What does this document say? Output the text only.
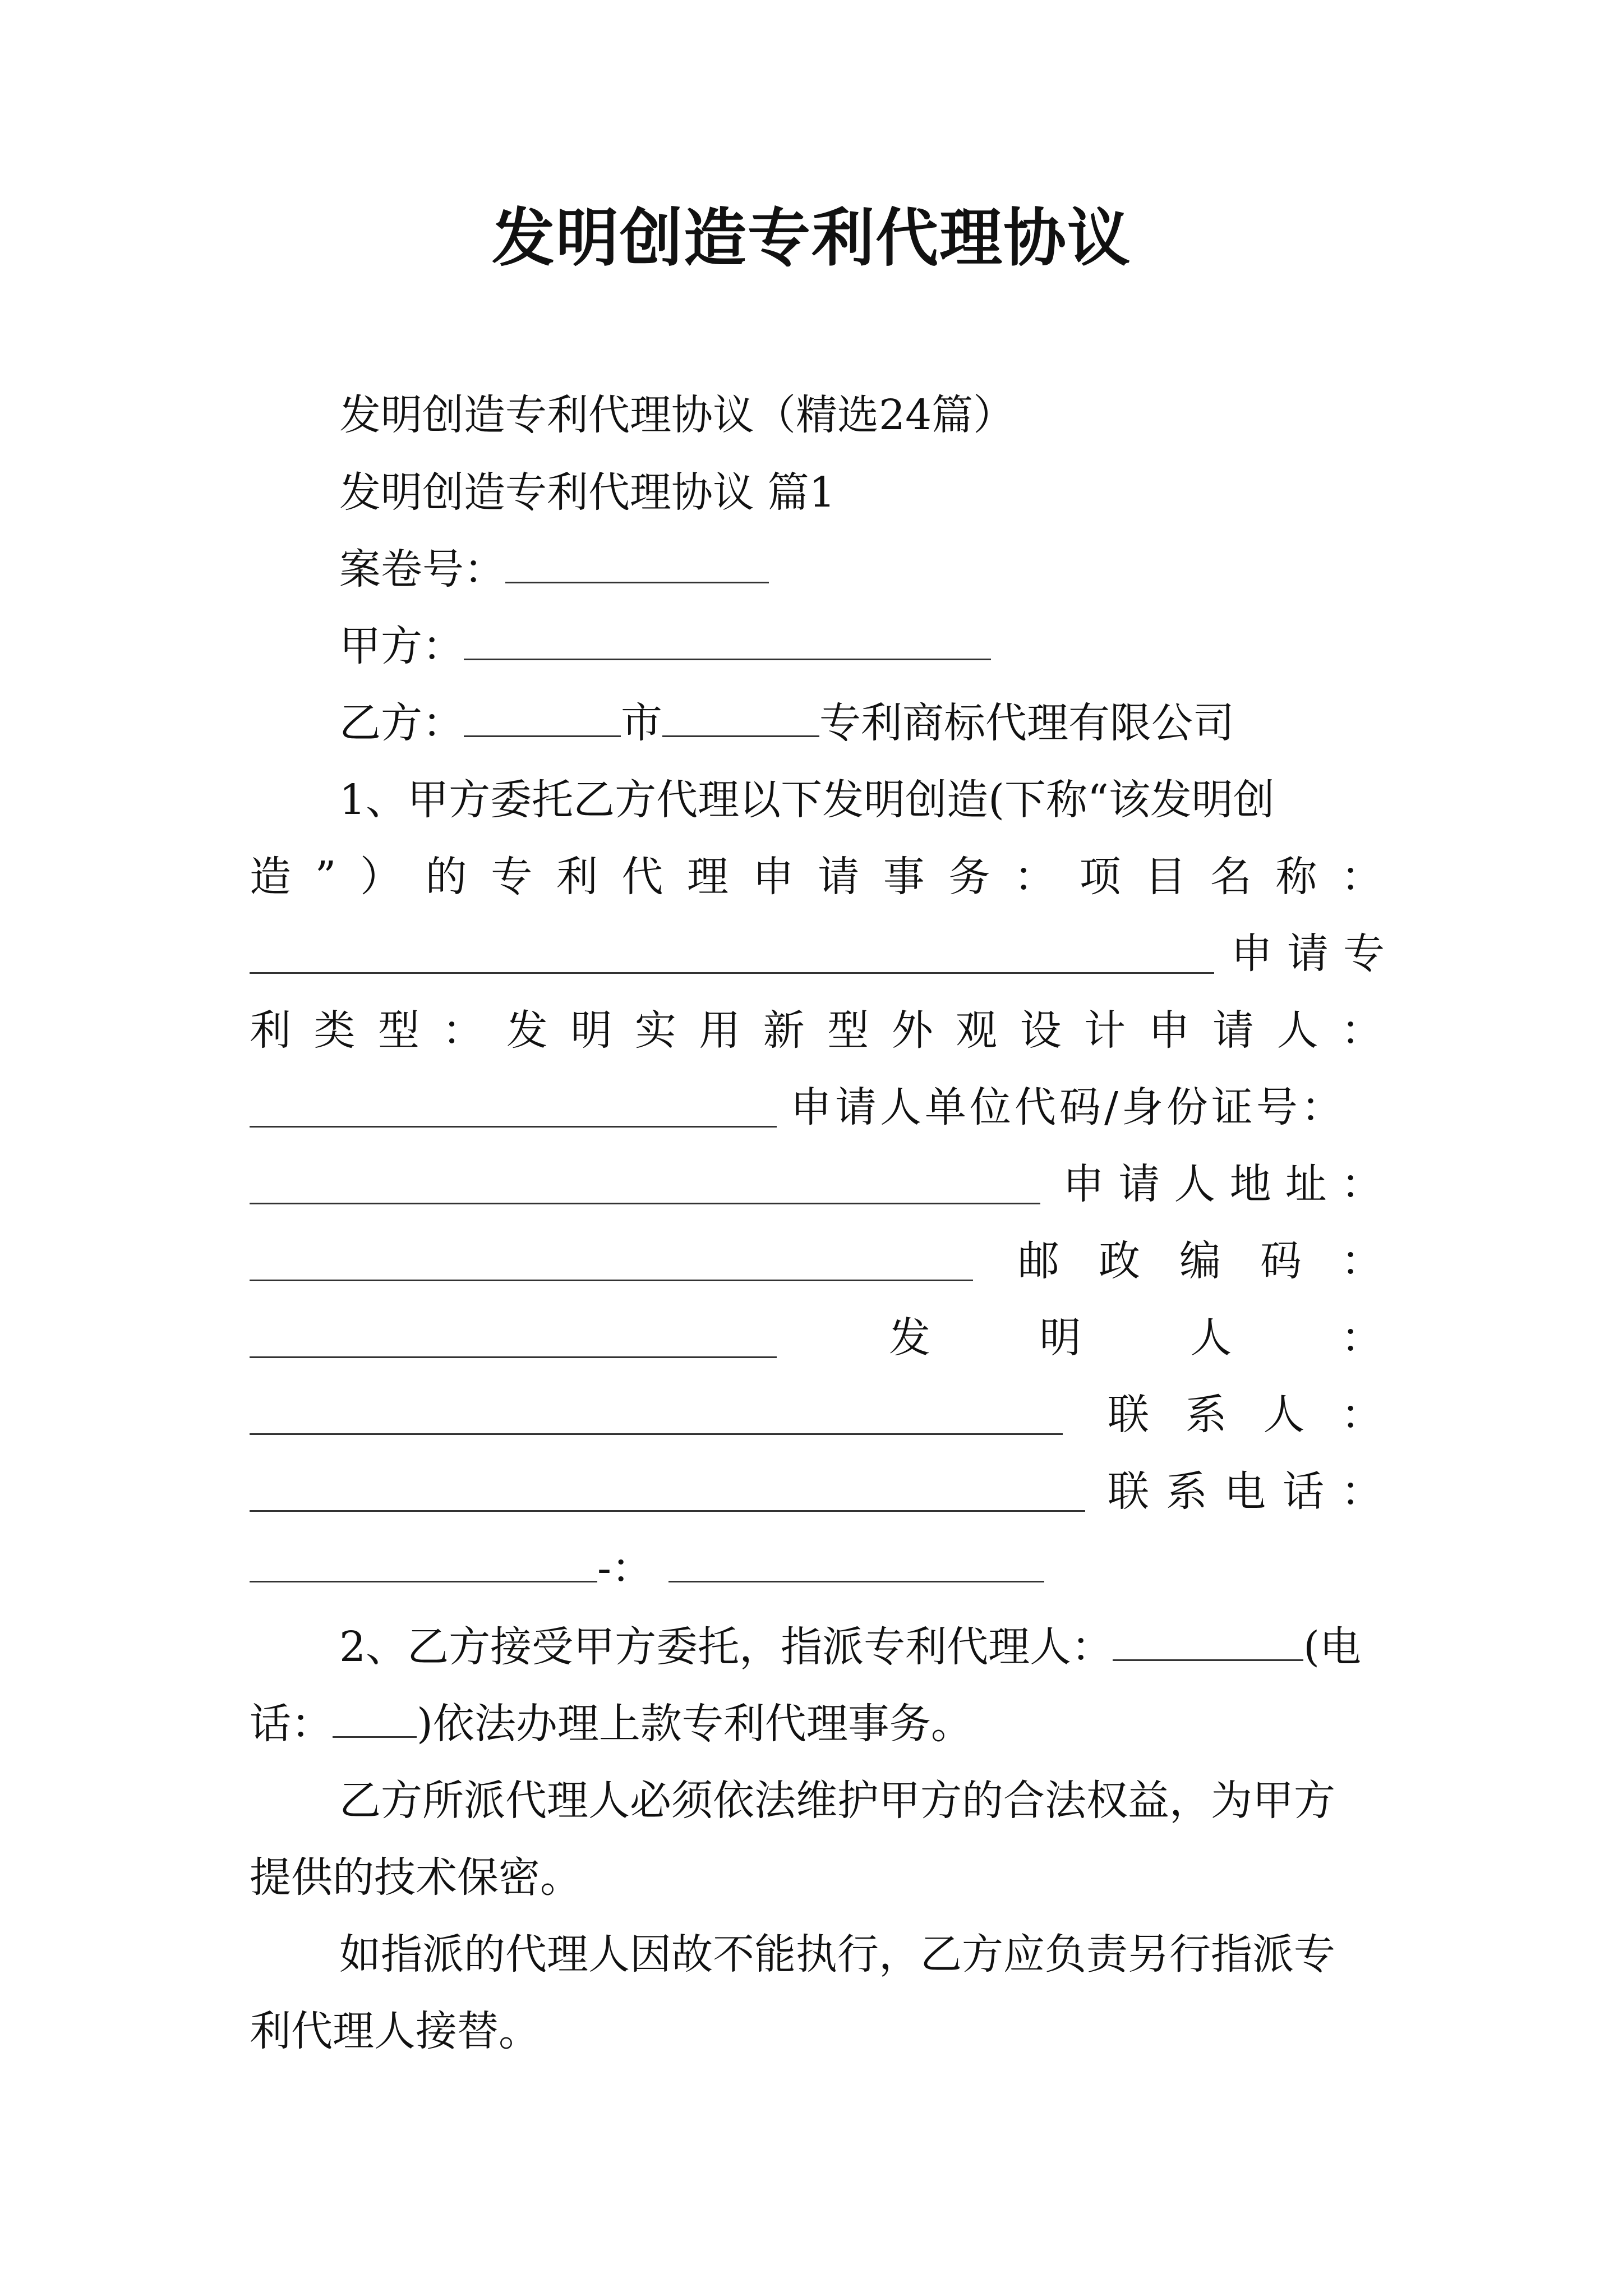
发明创造专利代理协议
发明创造专利代理协议（精选24篇）
发明创造专利代理协议 篇1
案卷号：
甲方：
乙方：	市	专利商标代理有限公司
1、甲方委托乙方代理以下发明创造(下称“该发明创
造 ” ） 的 专 利 代 理 申 请 事 务 ： 项 目 名 称 ：
申请专
利 类 型 ： 发 明 实 用 新 型 外 观 设 计 申 请 人 ：
申请人单位代码/身份证号：
申 请 人 地 址 ：
邮 政 编 码 ：
发	明	人	：
联 系 人 ：
联 系 电 话 ：
-：
2、乙方接受甲方委托，指派专利代理人：	(电
话： )依法办理上款专利代理事务。
乙方所派代理人必须依法维护甲方的合法权益，为甲方
提供的技术保密。
如指派的代理人因故不能执行，乙方应负责另行指派专
利代理人接替。
